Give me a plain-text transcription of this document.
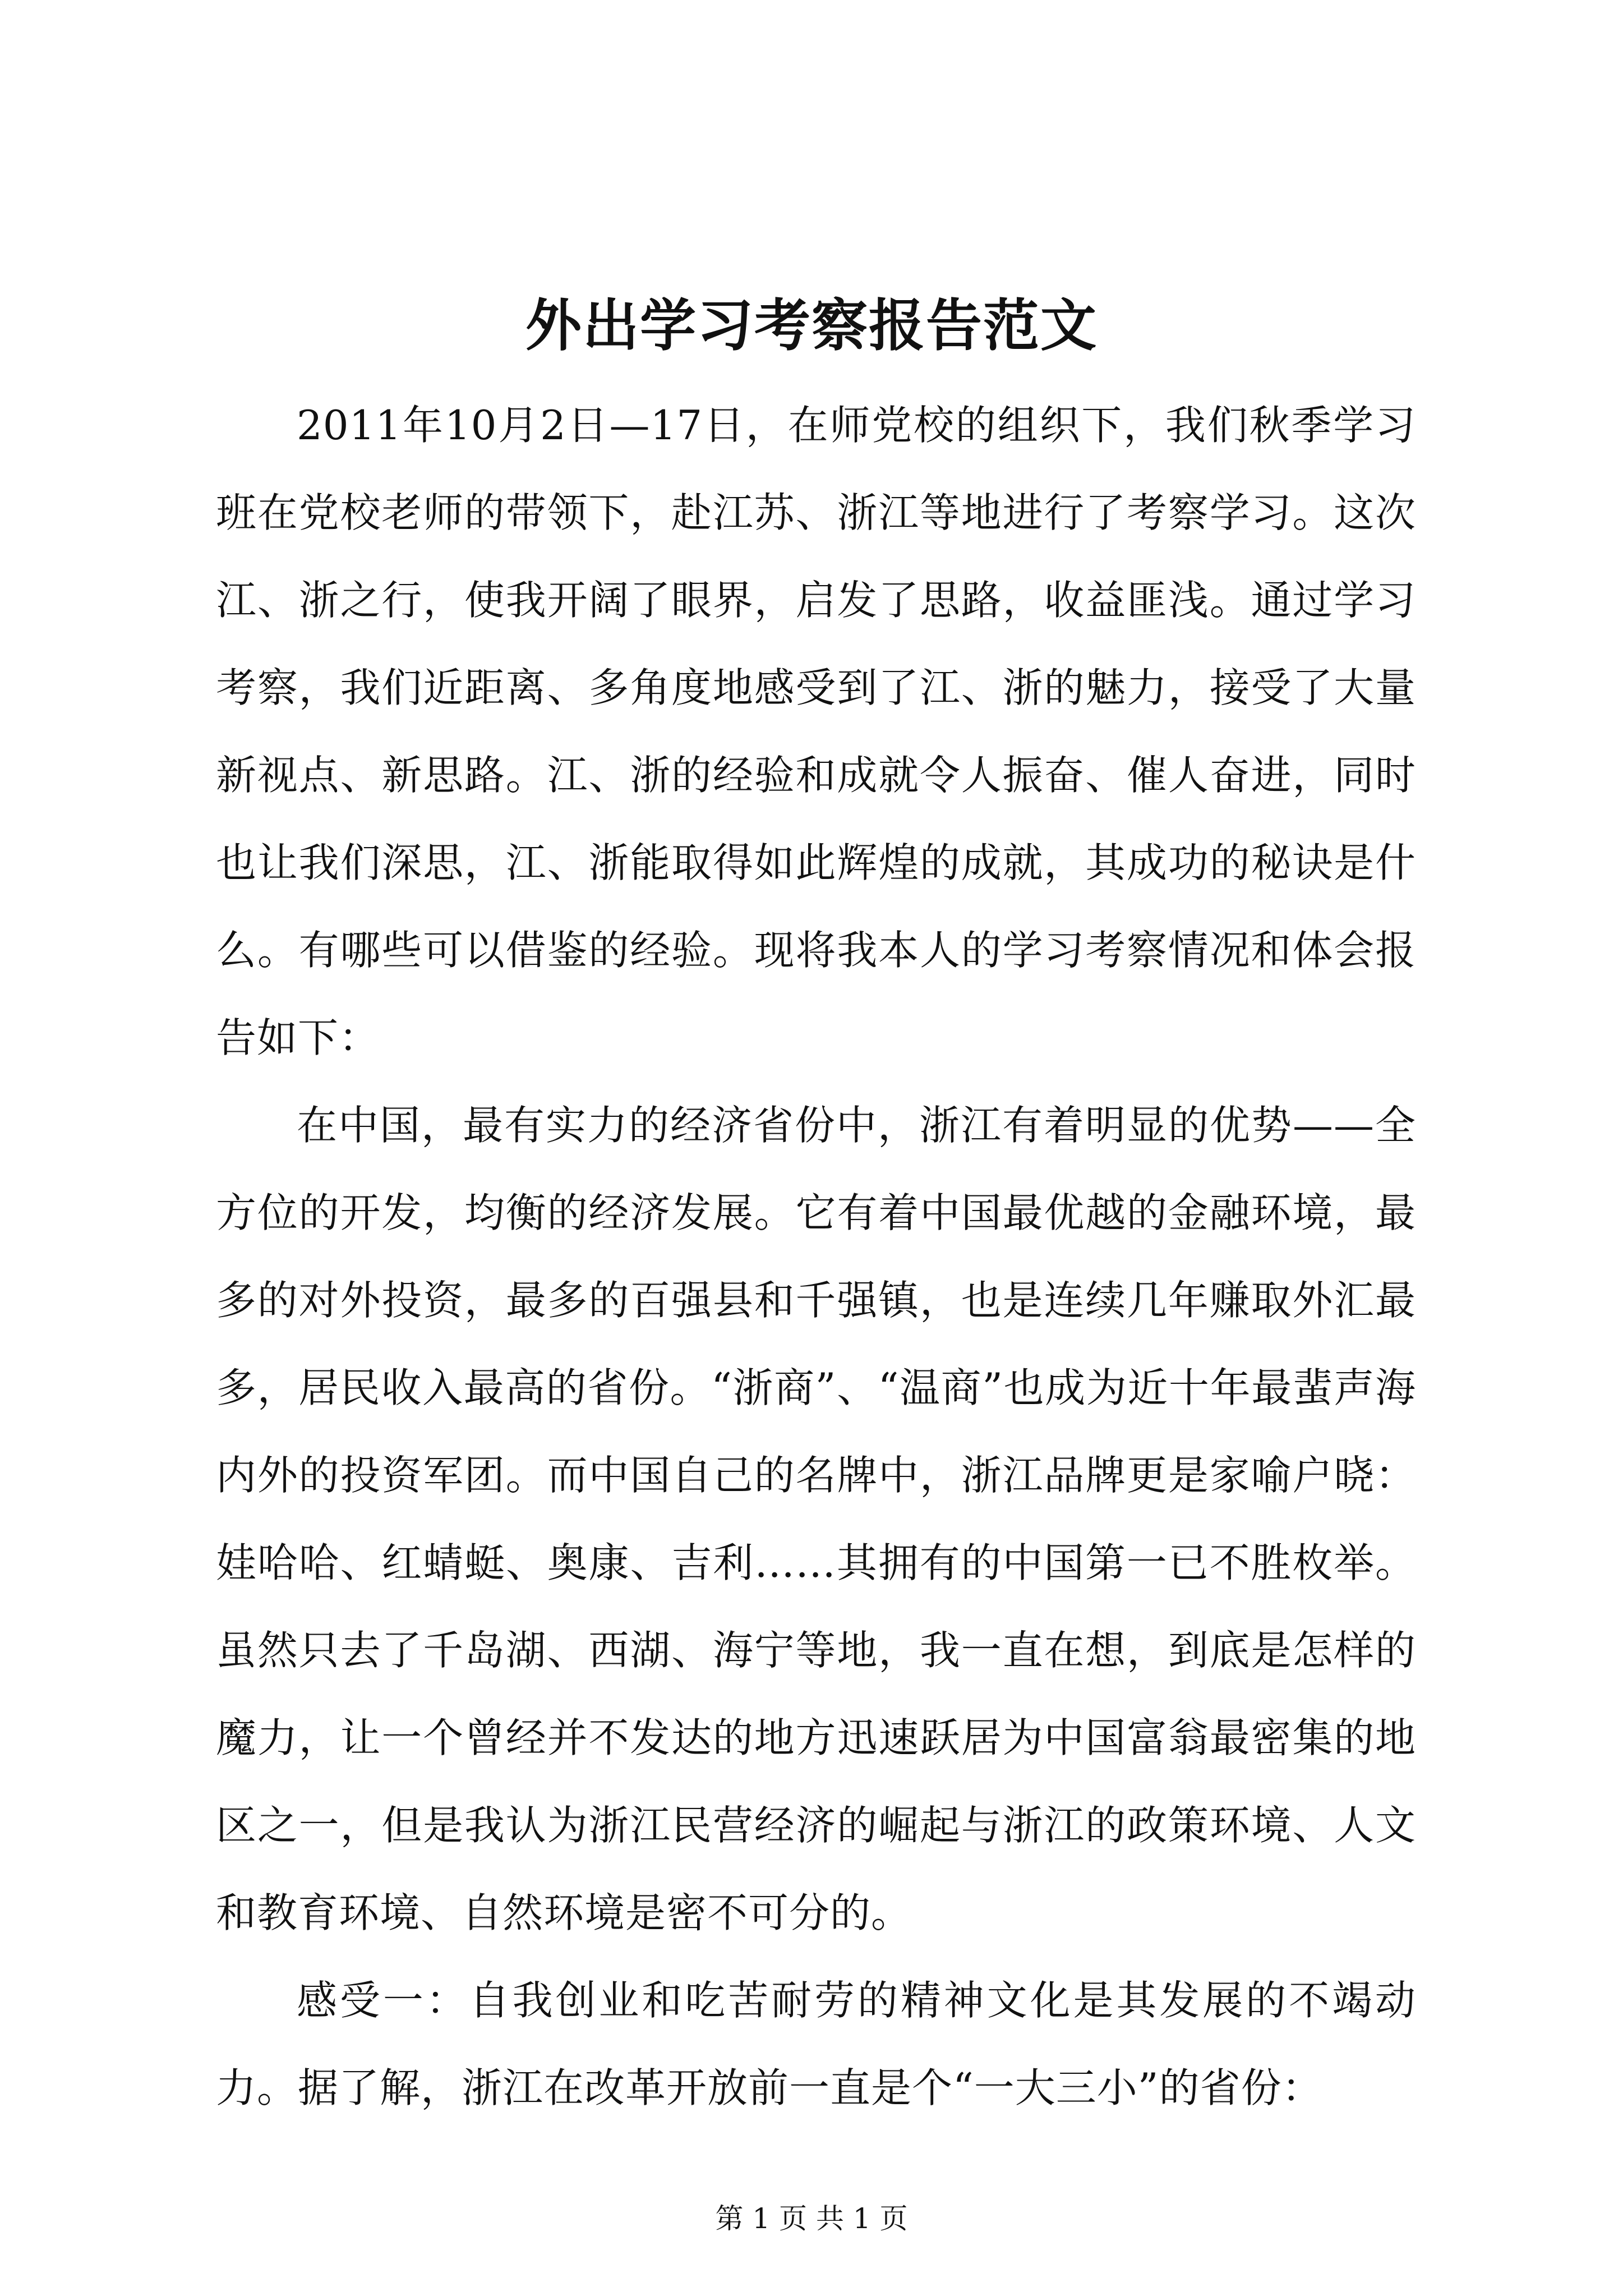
外出学习考察报告范文

2011年10月2日—17日，在师党校的组织下，我们秋季学习班在党校老师的带领下，赴江苏、浙江等地进行了考察学习。这次江、浙之行，使我开阔了眼界，启发了思路，收益匪浅。通过学习考察，我们近距离、多角度地感受到了江、浙的魅力，接受了大量新视点、新思路。江、浙的经验和成就令人振奋、催人奋进，同时也让我们深思，江、浙能取得如此辉煌的成就，其成功的秘诀是什么。有哪些可以借鉴的经验。现将我本人的学习考察情况和体会报告如下：

在中国，最有实力的经济省份中，浙江有着明显的优势——全方位的开发，均衡的经济发展。它有着中国最优越的金融环境，最多的对外投资，最多的百强县和千强镇，也是连续几年赚取外汇最多，居民收入最高的省份。“浙商”、“温商”也成为近十年最蜚声海内外的投资军团。而中国自己的名牌中，浙江品牌更是家喻户晓：娃哈哈、红蜻蜓、奥康、吉利……其拥有的中国第一已不胜枚举。虽然只去了千岛湖、西湖、海宁等地，我一直在想，到底是怎样的魔力，让一个曾经并不发达的地方迅速跃居为中国富翁最密集的地区之一，但是我认为浙江民营经济的崛起与浙江的政策环境、人文和教育环境、自然环境是密不可分的。

感受一：自我创业和吃苦耐劳的精神文化是其发展的不竭动力。据了解，浙江在改革开放前一直是个“一大三小”的省份：

第 1 页 共 1 页
